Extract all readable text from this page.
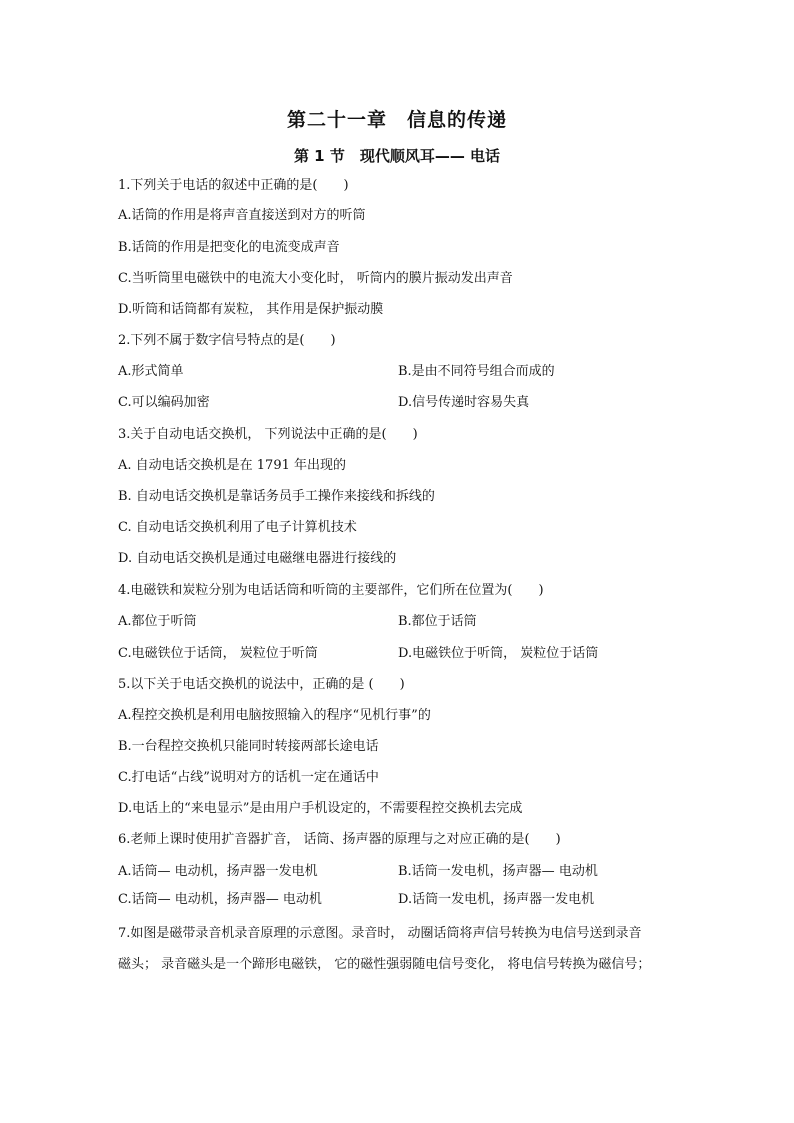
第二十一章　信息的传递
第 1 节　现代顺风耳—— 电话
1.下列关于电话的叙述中正确的是(　　)
A.话筒的作用是将声音直接送到对方的听筒
B.话筒的作用是把变化的电流变成声音
C.当听筒里电磁铁中的电流大小变化时， 听筒内的膜片振动发出声音
D.听筒和话筒都有炭粒， 其作用是保护振动膜
2.下列不属于数字信号特点的是(　　)
A.形式简单	B.是由不同符号组合而成的
C.可以编码加密	D.信号传递时容易失真
3.关于自动电话交换机， 下列说法中正确的是(　　)
A. 自动电话交换机是在 1791 年出现的
B. 自动电话交换机是靠话务员手工操作来接线和拆线的
C. 自动电话交换机利用了电子计算机技术
D. 自动电话交换机是通过电磁继电器进行接线的
4.电磁铁和炭粒分别为电话话筒和听筒的主要部件，它们所在位置为(　　)
A.都位于听筒	B.都位于话筒
C.电磁铁位于话筒， 炭粒位于听筒	D.电磁铁位于听筒， 炭粒位于话筒
5.以下关于电话交换机的说法中，正确的是 (　　)
A.程控交换机是利用电脑按照输入的程序“见机行事”的
B.一台程控交换机只能同时转接两部长途电话
C.打电话“占线”说明对方的话机一定在通话中
D.电话上的“来电显示”是由用户手机设定的，不需要程控交换机去完成
6.老师上课时使用扩音器扩音， 话筒、扬声器的原理与之对应正确的是(　　)
A.话筒— 电动机，扬声器一发电机	B.话筒一发电机，扬声器— 电动机
C.话筒— 电动机，扬声器— 电动机	D.话筒一发电机，扬声器一发电机
7.如图是磁带录音机录音原理的示意图。录音时， 动圈话筒将声信号转换为电信号送到录音
磁头； 录音磁头是一个蹄形电磁铁， 它的磁性强弱随电信号变化， 将电信号转换为磁信号；
